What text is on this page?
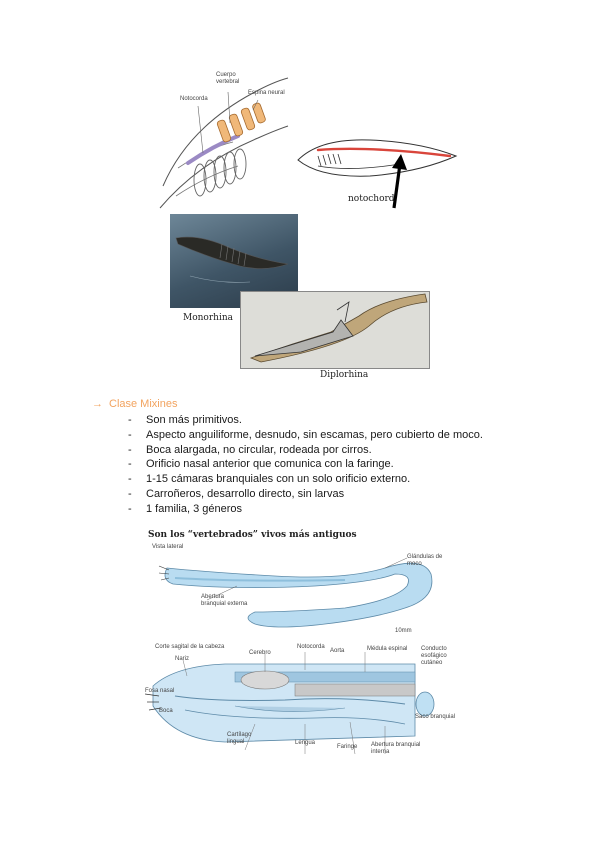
Notocorda
Cuerpo vertebral
Espina neural
notochord
Monorhina
Diplorhina
→ Clase Mixines
- Son más primitivos.
- Aspecto anguiliforme, desnudo, sin escamas, pero cubierto de moco.
- Boca alargada, no circular, rodeada por cirros.
- Orificio nasal anterior que comunica con la faringe.
- 1-15 cámaras branquiales con un solo orificio externo.
- Carroñeros, desarrollo directo, sin larvas
- 1 familia, 3 géneros
Son los “vertebrados” vivos más antiguos
Vista lateral
Glándulas de moco
Abertura branquial externa
10mm
Corte sagital de la cabeza
Nariz
Cerebro
Notocorda
Aorta	Médula espinal Conducto esofágico cutáneo
Fosa nasal
Boca
Saco branquial
Cartílago lingual	Lengua
Faringe Abertura branquial interna
